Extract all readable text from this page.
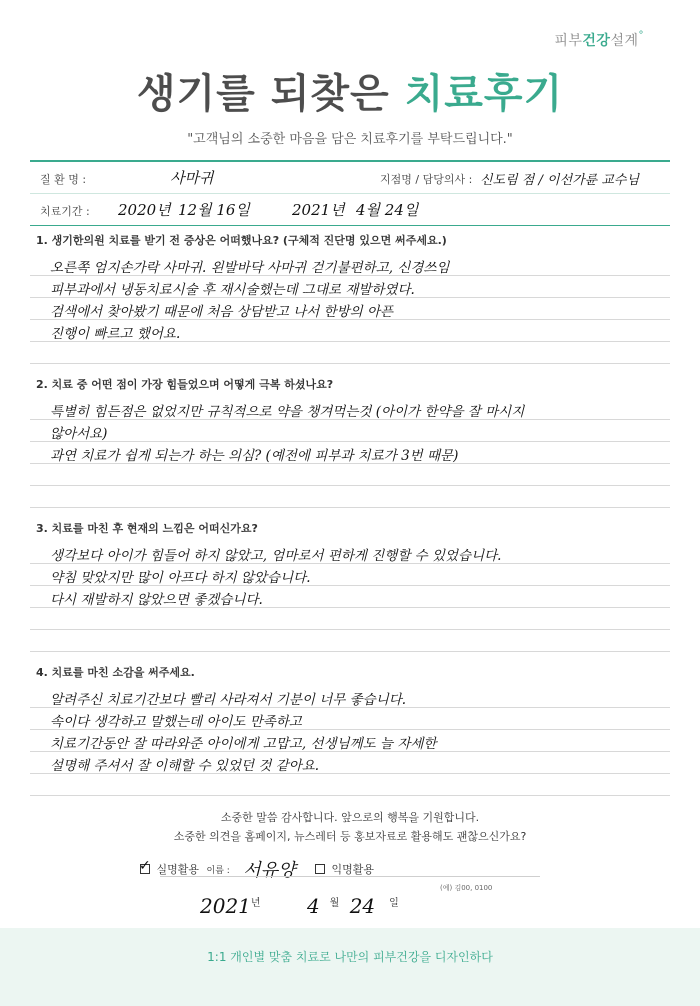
피부건강설계°
생기를 되찾은 치료후기
"고객님의 소중한 마음을 담은 치료후기를 부탁드립니다."
질 환 명 :	사마귀	지점명 / 담당의사 : 신도림 점 / 이선가륜 교수님
치료기간 : 2020년 12월 16일	2021년 4월 24일
1. 생기한의원 치료를 받기 전 증상은 어떠했나요? (구체적 진단명 있으면 써주세요.)
오른쪽 엄지손가락 사마귀. 왼발바닥 사마귀 걷기불편하고, 신경쓰임
피부과에서 냉동치료시술 후 재시술했는데 그대로 재발하였다.
검색에서 찾아봤기 때문에 처음 상담받고 나서 한방의 아픈
진행이 빠르고 했어요.
2. 치료 중 어떤 점이 가장 힘들었으며 어떻게 극복 하셨나요?
특별히 힘든점은 없었지만 규칙적으로 약을 챙겨먹는것 (아이가 한약을 잘 마시지
않아서요)
과연 치료가 쉽게 되는가 하는 의심? (예전에 피부과 치료가 3번 때문)
3. 치료를 마친 후 현재의 느낌은 어떠신가요?
생각보다 아이가 힘들어 하지 않았고, 엄마로서 편하게 진행할 수 있었습니다.
약침 맞았지만 많이 아프다 하지 않았습니다.
다시 재발하지 않았으면 좋겠습니다.
4. 치료를 마친 소감을 써주세요.
알려주신 치료기간보다 빨리 사라져서 기분이 너무 좋습니다.
속이다 생각하고 말했는데 아이도 만족하고
치료기간동안 잘 따라와준 아이에게 고맙고, 선생님께도 늘 자세한
설명해 주셔서 잘 이해할 수 있었던 것 같아요.
소중한 말씀 감사합니다. 앞으로의 행복을 기원합니다.
소중한 의견을 홈페이지, 뉴스레터 등 홍보자료로 활용해도 괜찮으신가요?
✓ 실명활용 이름 : 서유양	익명활용
(예) 김00, 0100
$2021^년$ 4 $^월$ 24 $^일$
1:1 개인별 맞춤 치료로 나만의 피부건강을 디자인하다
